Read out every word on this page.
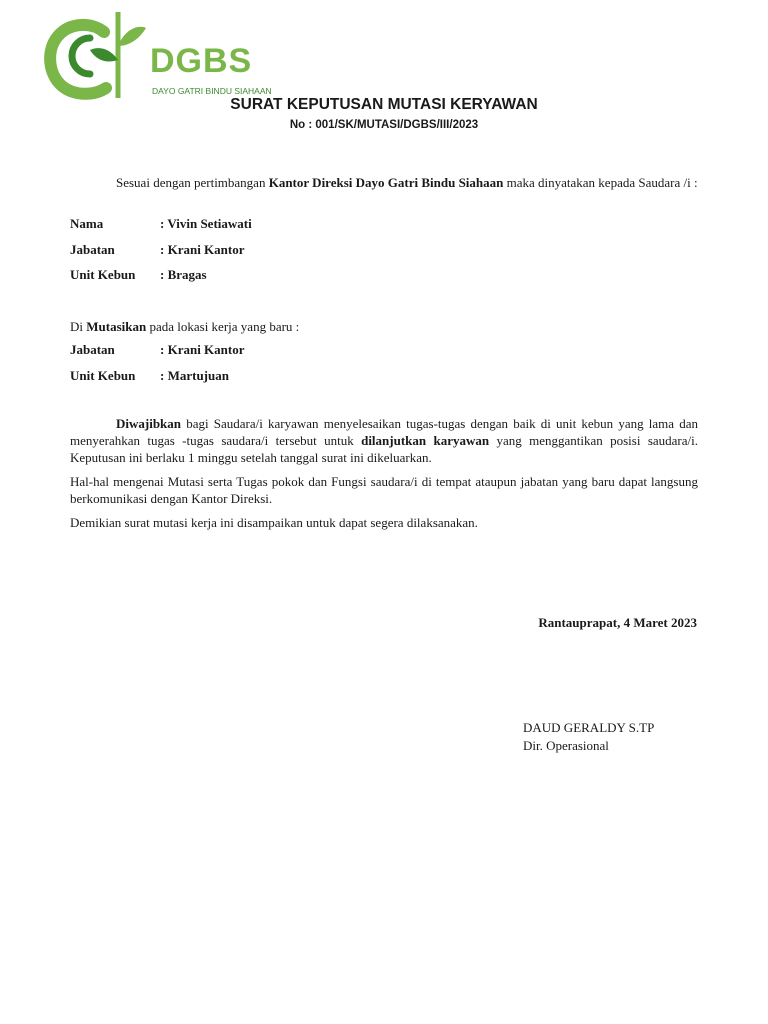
DGBS
DAYO GATRI BINDU SIAHAAN
SURAT KEPUTUSAN MUTASI KERYAWAN
No : 001/SK/MUTASI/DGBS/III/2023
Sesuai dengan pertimbangan Kantor Direksi Dayo Gatri Bindu Siahaan maka dinyatakan kepada Saudara /i :
Nama	: Vivin Setiawati
Jabatan	: Krani Kantor
Unit Kebun : Bragas
Di Mutasikan pada lokasi kerja yang baru :
Jabatan	: Krani Kantor
Unit Kebun : Martujuan
Diwajibkan bagi Saudara/i karyawan menyelesaikan tugas-tugas dengan baik di unit kebun yang lama dan menyerahkan tugas -tugas saudara/i tersebut untuk dilanjutkan karyawan yang menggantikan posisi saudara/i. Keputusan ini berlaku 1 minggu setelah tanggal surat ini dikeluarkan.
Hal-hal mengenai Mutasi serta Tugas pokok dan Fungsi saudara/i di tempat ataupun jabatan yang baru dapat langsung berkomunikasi dengan Kantor Direksi.
Demikian surat mutasi kerja ini disampaikan untuk dapat segera dilaksanakan.
Rantauprapat, 4 Maret 2023
DAUD GERALDY S.TP
Dir. Operasional
